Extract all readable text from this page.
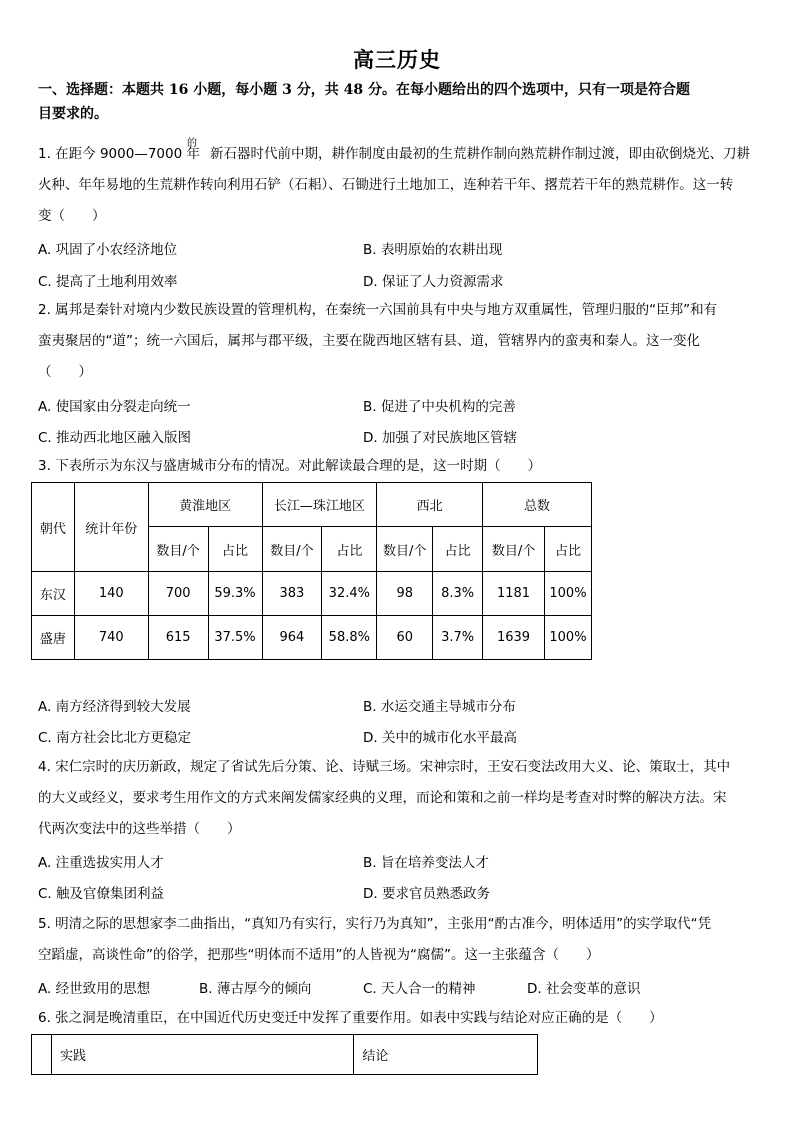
高三历史
一、选择题：本题共 16 小题，每小题 3 分，共 48 分。在每小题给出的四个选项中，只有一项是符合题
目要求的。
1. 在距今 9000—7000 年 新石器时代前中期，耕作制度由最初的生荒耕作制向熟荒耕作制过渡，即由砍倒烧光、刀耕
的
火种、年年易地的生荒耕作转向利用石铲（石耜）、石锄进行土地加工，连种若干年、撂荒若干年的熟荒耕作。这一转
变（　　）
A. 巩固了小农经济地位	B. 表明原始的农耕出现
C. 提高了土地利用效率	D. 保证了人力资源需求
2. 属邦是秦针对境内少数民族设置的管理机构，在秦统一六国前具有中央与地方双重属性，管理归服的“臣邦”和有
蛮夷聚居的“道”；统一六国后，属邦与郡平级，主要在陇西地区辖有县、道，管辖界内的蛮夷和秦人。这一变化
（　　）
A. 使国家由分裂走向统一	B. 促进了中央机构的完善
C. 推动西北地区融入版图	D. 加强了对民族地区管辖
3. 下表所示为东汉与盛唐城市分布的情况。对此解读最合理的是，这一时期（　　）
朝代	统计年份	黄淮地区		长江—珠江地区		西北		总数	
		数目/个	占比	数目/个	占比	数目/个	占比	数目/个	占比
东汉	140	700	59.3%	383	32.4%	98	8.3%	1181	100%
盛唐	740	615	37.5%	964	58.8%	60	3.7%	1639	100%
A. 南方经济得到较大发展	B. 水运交通主导城市分布
C. 南方社会比北方更稳定	D. 关中的城市化水平最高
4. 宋仁宗时的庆历新政，规定了省试先后分策、论、诗赋三场。宋神宗时，王安石变法改用大义、论、策取士，其中
的大义或经义，要求考生用作文的方式来阐发儒家经典的义理，而论和策和之前一样均是考查对时弊的解决方法。宋
代两次变法中的这些举措（　　）
A. 注重选拔实用人才	B. 旨在培养变法人才
C. 触及官僚集团利益	D. 要求官员熟悉政务
5. 明清之际的思想家李二曲指出，“真知乃有实行，实行乃为真知”，主张用“酌古准今，明体适用”的实学取代“凭
空蹈虚，高谈性命”的俗学，把那些“明体而不适用”的人皆视为“腐儒”。这一主张蕴含（　　）
A. 经世致用的思想	B. 薄古厚今的倾向	C. 天人合一的精神	D. 社会变革的意识
6. 张之洞是晚清重臣，在中国近代历史变迁中发挥了重要作用。如表中实践与结论对应正确的是（　　）
	实践	结论
